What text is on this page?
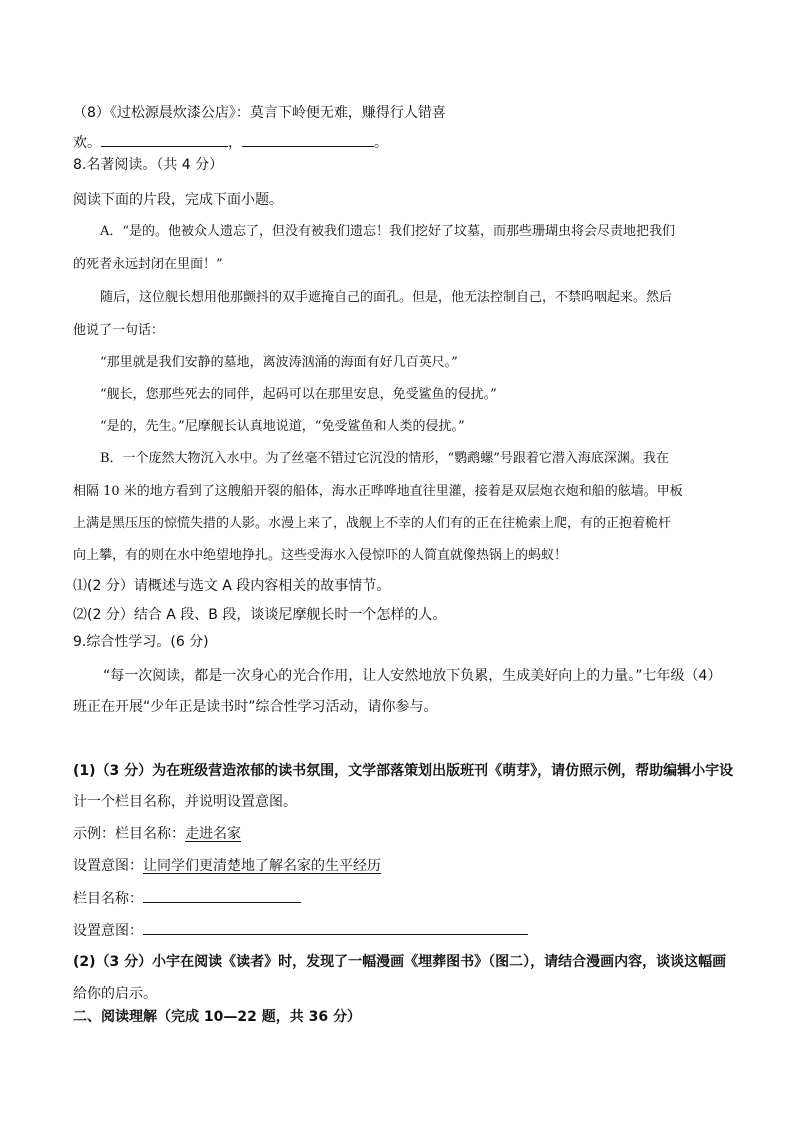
（8）《过松源晨炊漆公店》：莫言下岭便无难，赚得行人错喜
欢。	，	。
8.名著阅读。（共 4 分）
阅读下面的片段，完成下面小题。
A．“是的。他被众人遗忘了，但没有被我们遗忘！我们挖好了坟墓，而那些珊瑚虫将会尽责地把我们
的死者永远封闭在里面！”
随后，这位舰长想用他那颤抖的双手遮掩自己的面孔。但是，他无法控制自己，不禁呜咽起来。然后
他说了一句话：
“那里就是我们安静的墓地，离波涛汹涌的海面有好几百英尺。”
“舰长，您那些死去的同伴，起码可以在那里安息，免受鲨鱼的侵扰。”
“是的，先生。”尼摩舰长认真地说道，“免受鲨鱼和人类的侵扰。”
B．一个庞然大物沉入水中。为了丝毫不错过它沉没的情形，“鹦鹉螺”号跟着它潜入海底深渊。我在
相隔 10 米的地方看到了这艘船开裂的船体，海水正哗哗地直往里灌，接着是双层炮衣炮和船的舷墙。甲板
上满是黑压压的惊慌失措的人影。水漫上来了，战舰上不幸的人们有的正在往桅索上爬，有的正抱着桅杆
向上攀，有的则在水中绝望地挣扎。这些受海水入侵惊吓的人简直就像热锅上的蚂蚁！
⑴(2 分）请概述与选文 A 段内容相关的故事情节。
⑵(2 分）结合 A 段、B 段，谈谈尼摩舰长时一个怎样的人。
9.综合性学习。(6 分)
“每一次阅读，都是一次身心的光合作用，让人安然地放下负累，生成美好向上的力量。”七年级（4）
班正在开展“少年正是读书时”综合性学习活动，请你参与。
(1)（3 分）为在班级营造浓郁的读书氛围，文学部落策划出版班刊《萌芽》，请仿照示例，帮助编辑小宇设
计一个栏目名称，并说明设置意图。
示例：栏目名称：走进名家
设置意图：让同学们更清楚地了解名家的生平经历
栏目名称：
设置意图：
(2)（3 分）小宇在阅读《读者》时，发现了一幅漫画《埋葬图书》（图二），请结合漫画内容，谈谈这幅画
给你的启示。
二、阅读理解（完成 10—22 题，共 36 分）
